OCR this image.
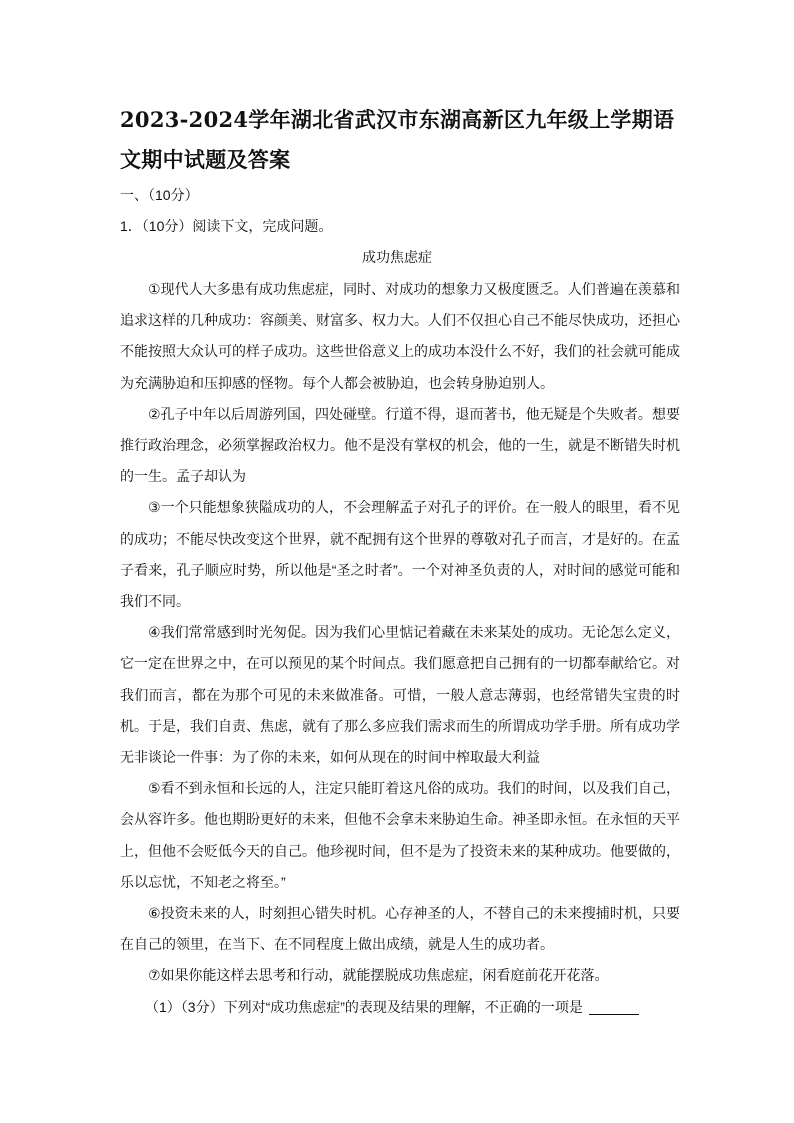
2023-2024学年湖北省武汉市东湖高新区九年级上学期语文期中试题及答案

一、（10分）

1．（10分）阅读下文，完成问题。

成功焦虑症

①现代人大多患有成功焦虑症，同时、对成功的想象力又极度匮乏。人们普遍在羡慕和追求这样的几种成功：容颜美、财富多、权力大。人们不仅担心自己不能尽快成功，还担心不能按照大众认可的样子成功。这些世俗意义上的成功本没什么不好，我们的社会就可能成为充满胁迫和压抑感的怪物。每个人都会被胁迫，也会转身胁迫别人。

②孔子中年以后周游列国，四处碰壁。行道不得，退而著书，他无疑是个失败者。想要推行政治理念，必须掌握政治权力。他不是没有掌权的机会，他的一生，就是不断错失时机的一生。孟子却认为

③一个只能想象狭隘成功的人，不会理解孟子对孔子的评价。在一般人的眼里，看不见的成功；不能尽快改变这个世界，就不配拥有这个世界的尊敬对孔子而言，才是好的。在孟子看来，孔子顺应时势，所以他是“圣之时者”。一个对神圣负责的人，对时间的感觉可能和我们不同。

④我们常常感到时光匆促。因为我们心里惦记着藏在未来某处的成功。无论怎么定义，它一定在世界之中，在可以预见的某个时间点。我们愿意把自己拥有的一切都奉献给它。对我们而言，都在为那个可见的未来做准备。可惜，一般人意志薄弱，也经常错失宝贵的时机。于是，我们自责、焦虑，就有了那么多应我们需求而生的所谓成功学手册。所有成功学无非谈论一件事：为了你的未来，如何从现在的时间中榨取最大利益

⑤看不到永恒和长远的人，注定只能盯着这凡俗的成功。我们的时间，以及我们自己，会从容许多。他也期盼更好的未来，但他不会拿未来胁迫生命。神圣即永恒。在永恒的天平上，但他不会贬低今天的自己。他珍视时间，但不是为了投资未来的某种成功。他要做的，乐以忘忧，不知老之将至。”

⑥投资未来的人，时刻担心错失时机。心存神圣的人，不替自己的未来搜捕时机，只要在自己的领里，在当下、在不同程度上做出成绩，就是人生的成功者。

⑦如果你能这样去思考和行动，就能摆脱成功焦虑症，闲看庭前花开花落。

（1）（3分）下列对“成功焦虑症”的表现及结果的理解，不正确的一项是
